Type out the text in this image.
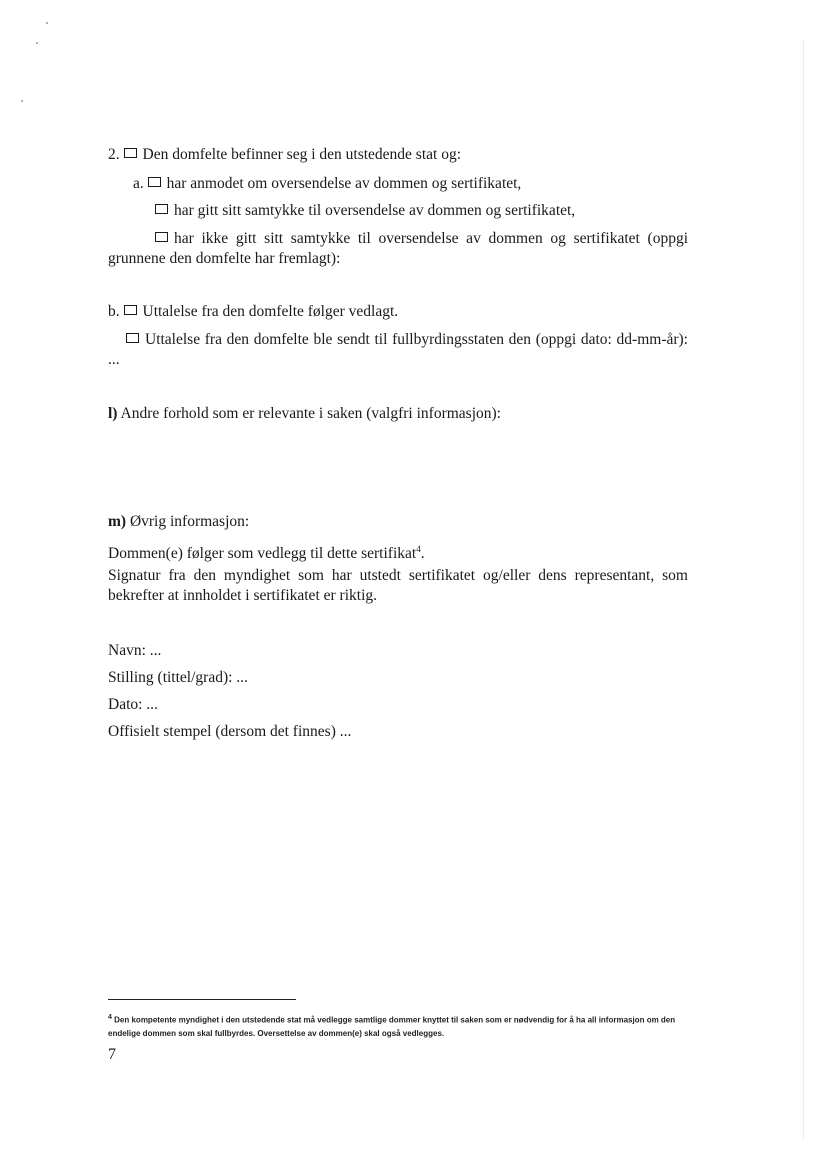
2. Den domfelte befinner seg i den utstedende stat og:
a. har anmodet om oversendelse av dommen og sertifikatet,
har gitt sitt samtykke til oversendelse av dommen og sertifikatet,
har ikke gitt sitt samtykke til oversendelse av dommen og sertifikatet (oppgi grunnene den domfelte har fremlagt):
b. Uttalelse fra den domfelte følger vedlagt.
Uttalelse fra den domfelte ble sendt til fullbyrdingsstaten den (oppgi dato: dd-mm-år): ...
l) Andre forhold som er relevante i saken (valgfri informasjon):
m) Øvrig informasjon:
Dommen(e) følger som vedlegg til dette sertifikat$^4$.
Signatur fra den myndighet som har utstedt sertifikatet og/eller dens representant, som bekrefter at innholdet i sertifikatet er riktig.
Navn: ...
Stilling (tittel/grad): ...
Dato: ...
Offisielt stempel (dersom det finnes) ...
$^4$ Den kompetente myndighet i den utstedende stat må vedlegge samtlige dommer knyttet til saken som er nødvendig for å ha all informasjon om den endelige dommen som skal fullbyrdes. Oversettelse av dommen(e) skal også vedlegges.
7
